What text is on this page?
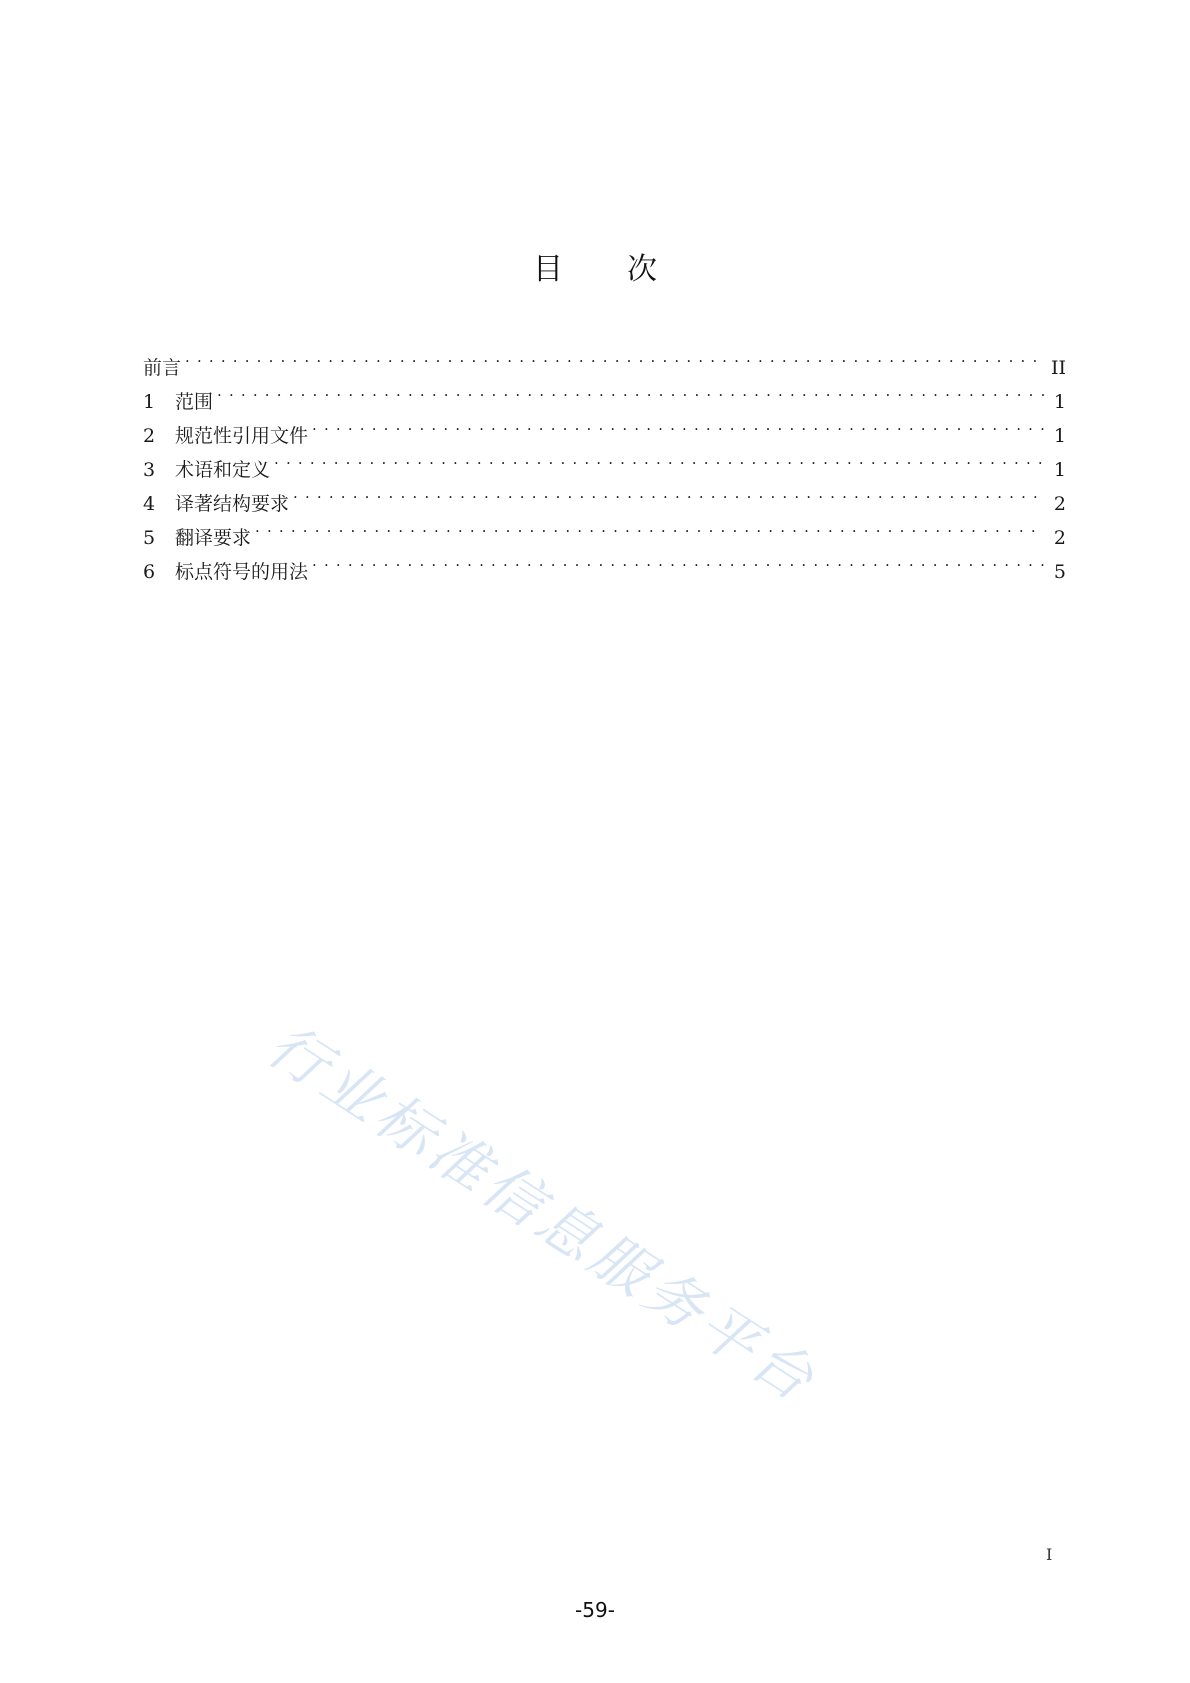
目 次
前言 . . .	II
1	范围 . . .	1
2	规范性引用文件 . . .	1
3	术语和定义 . . .	1
4	译著结构要求 . . .	2
5	翻译要求 . . .	2
6	标点符号的用法 . . .	5
行业标准信息服务平台
I
-59-
